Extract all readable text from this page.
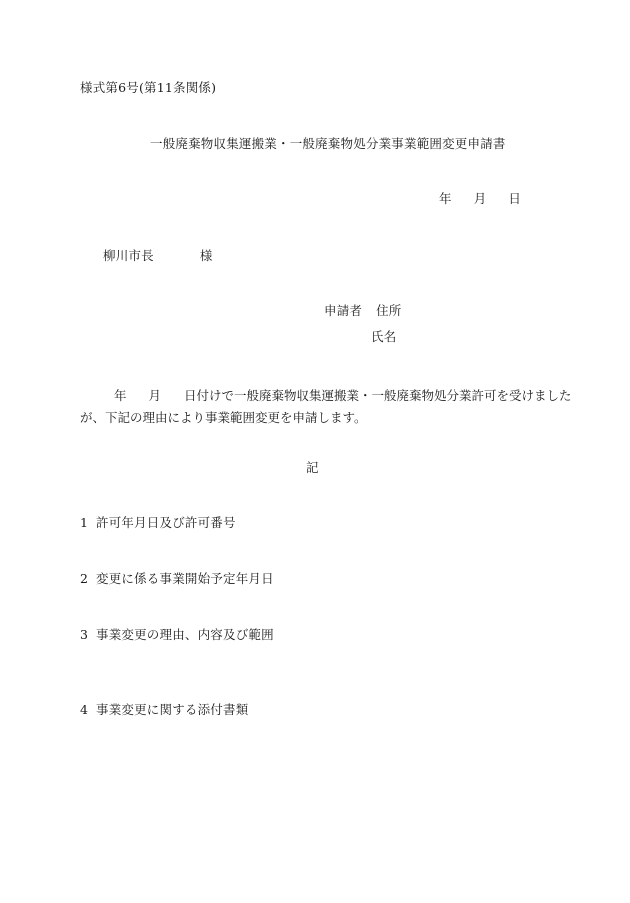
様式第6号(第11条関係)
一般廃棄物収集運搬業・一般廃棄物処分業事業範囲変更申請書
年 月 日
柳川市長	様
申請者 住所
氏名
年 月 日付けで一般廃棄物収集運搬業・一般廃棄物処分業許可を受けました
が、下記の理由により事業範囲変更を申請します。
記
1 許可年月日及び許可番号
2 変更に係る事業開始予定年月日
3 事業変更の理由、内容及び範囲
4 事業変更に関する添付書類
